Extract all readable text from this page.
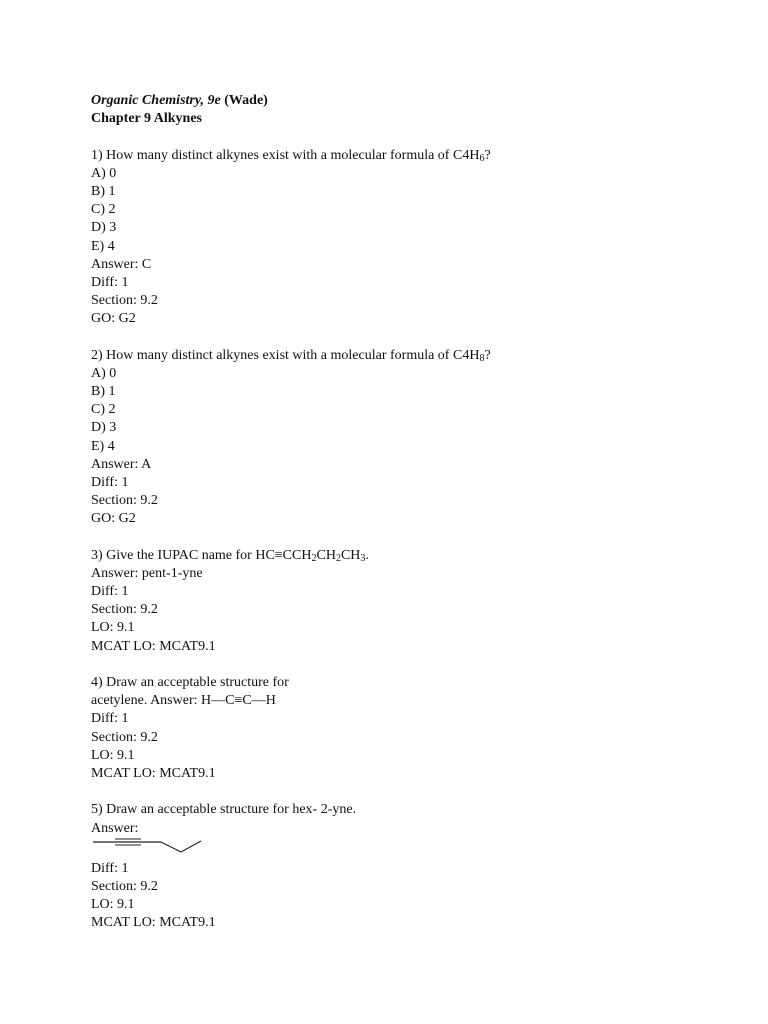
Organic Chemistry, 9e (Wade)
Chapter 9 Alkynes
1) How many distinct alkynes exist with a molecular formula of $C4H_6$?
A) 0
B) 1
C) 2
D) 3
E) 4
Answer: C
Diff: 1
Section: 9.2
GO: G2
2) How many distinct alkynes exist with a molecular formula of $C4H_8$?
A) 0
B) 1
C) 2
D) 3
E) 4
Answer: A
Diff: 1
Section: 9.2
GO: G2
3) Give the IUPAC name for $HC\equiv CCH_2CH_2CH_3$.
Answer: pent-1-yne
Diff: 1
Section: 9.2
LO: 9.1
MCAT LO: MCAT9.1
4) Draw an acceptable structure for
acetylene. Answer: H—C≡C—H
Diff: 1
Section: 9.2
LO: 9.1
MCAT LO: MCAT9.1
5) Draw an acceptable structure for hex- 2-yne.
Answer:
Diff: 1
Section: 9.2
LO: 9.1
MCAT LO: MCAT9.1
